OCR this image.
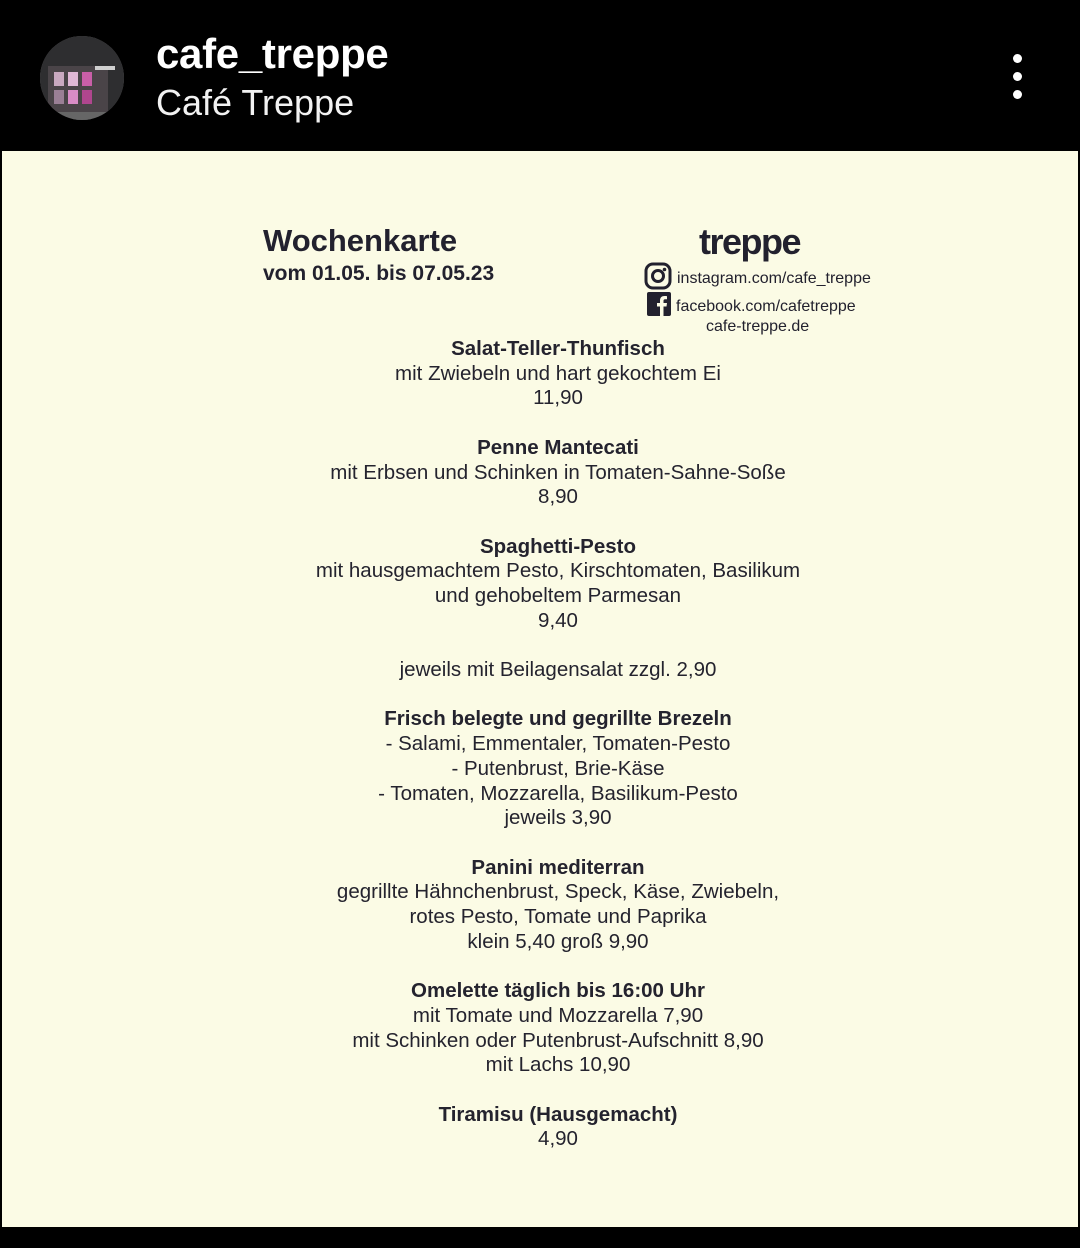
cafe_treppe
Café Treppe
Wochenkarte
vom 01.05. bis 07.05.23
treppe
instagram.com/cafe_treppe
facebook.com/cafetreppe
cafe-treppe.de
Salat-Teller-Thunfisch
mit Zwiebeln und hart gekochtem Ei
11,90
Penne Mantecati
mit Erbsen und Schinken in Tomaten-Sahne-Soße
8,90
Spaghetti-Pesto
mit hausgemachtem Pesto, Kirschtomaten, Basilikum
und gehobeltem Parmesan
9,40
jeweils mit Beilagensalat zzgl. 2,90
Frisch belegte und gegrillte Brezeln
- Salami, Emmentaler, Tomaten-Pesto
- Putenbrust, Brie-Käse
- Tomaten, Mozzarella, Basilikum-Pesto
jeweils 3,90
Panini mediterran
gegrillte Hähnchenbrust, Speck, Käse, Zwiebeln,
rotes Pesto, Tomate und Paprika
klein 5,40 groß 9,90
Omelette täglich bis 16:00 Uhr
mit Tomate und Mozzarella 7,90
mit Schinken oder Putenbrust-Aufschnitt 8,90
mit Lachs 10,90
Tiramisu (Hausgemacht)
4,90
